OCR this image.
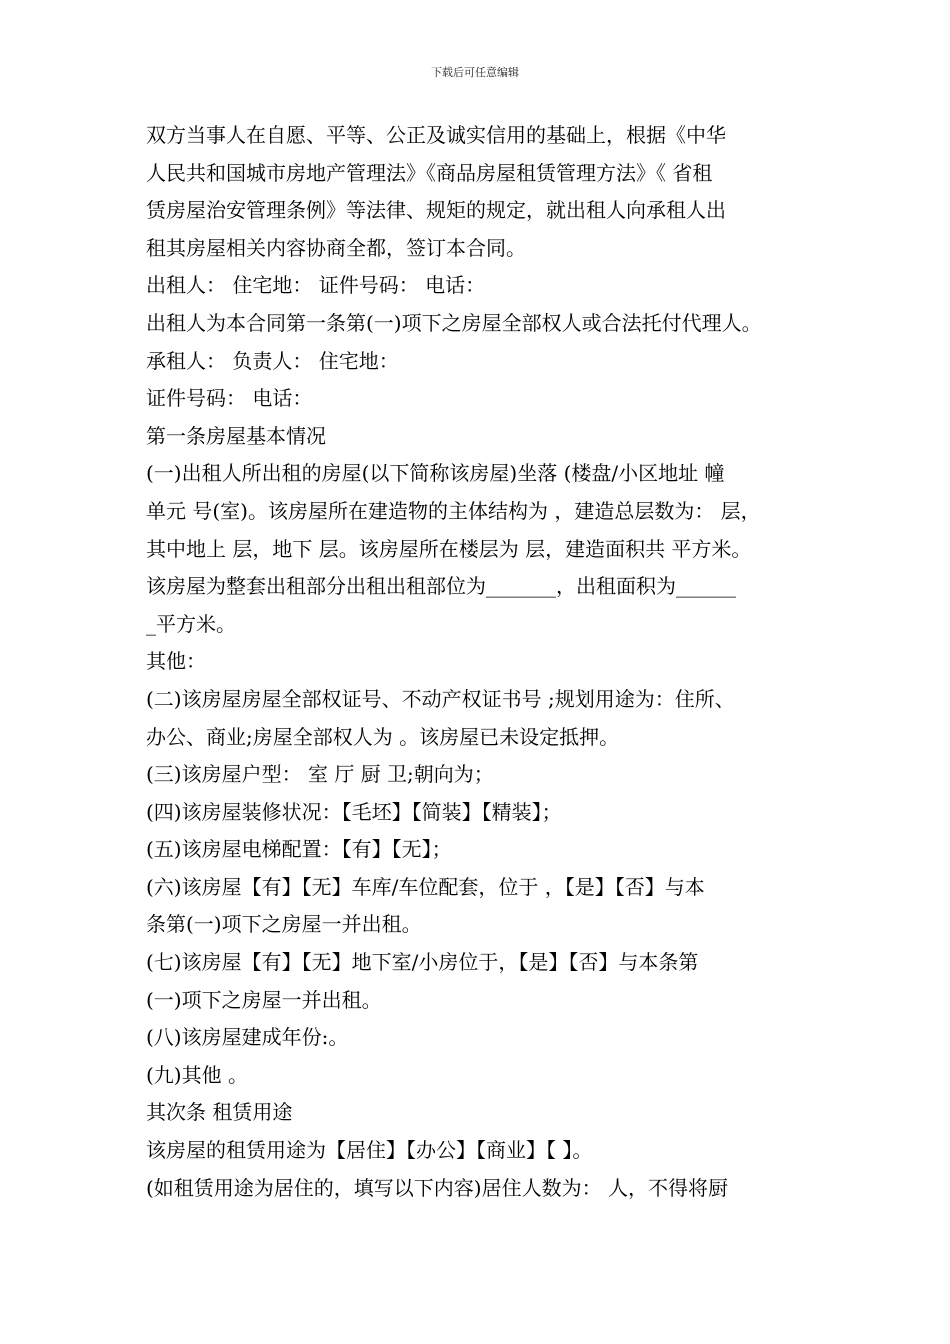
下载后可任意编辑
双方当事人在自愿、平等、公正及诚实信用的基础上，根据《中华
人民共和国城市房地产管理法》《商品房屋租赁管理方法》《 省租
赁房屋治安管理条例》等法律、规矩的规定，就出租人向承租人出
租其房屋相关内容协商全都，签订本合同。
出租人： 住宅地： 证件号码： 电话：
出租人为本合同第一条第(一)项下之房屋全部权人或合法托付代理人。
承租人： 负责人： 住宅地：
证件号码： 电话：
第一条房屋基本情况
(一)出租人所出租的房屋(以下简称该房屋)坐落 (楼盘/小区地址 幢
单元 号(室)。该房屋所在建造物的主体结构为 ，建造总层数为： 层，
其中地上 层，地下 层。该房屋所在楼层为 层，建造面积共 平方米。
该房屋为整套出租部分出租出租部位为_______，出租面积为______
_平方米。
其他：
(二)该房屋房屋全部权证号、不动产权证书号 ;规划用途为：住所、
办公、商业;房屋全部权人为 。该房屋已未设定抵押。
(三)该房屋户型： 室 厅 厨 卫;朝向为；
(四)该房屋装修状况：【毛坯】【简装】【精装】；
(五)该房屋电梯配置：【有】【无】；
(六)该房屋【有】【无】车库/车位配套，位于 ，【是】【否】与本
条第(一)项下之房屋一并出租。
(七)该房屋【有】【无】地下室/小房位于，【是】【否】与本条第
(一)项下之房屋一并出租。
(八)该房屋建成年份:。
(九)其他 。
其次条 租赁用途
该房屋的租赁用途为【居住】【办公】【商业】【 】。
(如租赁用途为居住的，填写以下内容)居住人数为： 人，不得将厨
